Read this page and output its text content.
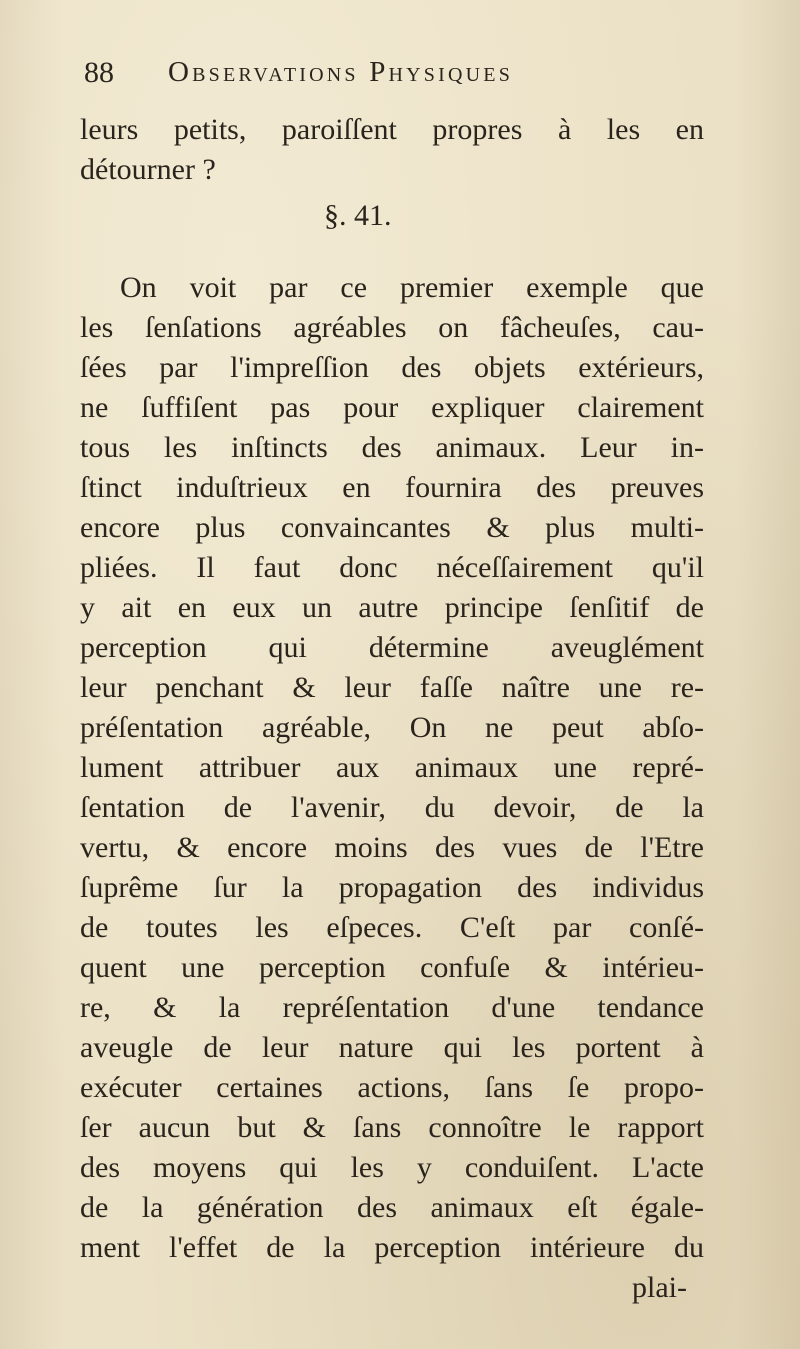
88 Observations Physiques
leurs petits, paroiſſent propres à les en
détourner ?
§. 41.
On voit par ce premier exemple que
les ſenſations agréables on fâcheuſes, cau-
ſées par l'impreſſion des objets extérieurs,
ne ſuffiſent pas pour expliquer clairement
tous les inſtincts des animaux. Leur in-
ſtinct induſtrieux en fournira des preuves
encore plus convaincantes & plus multi-
pliées. Il faut donc néceſſairement qu'il
y ait en eux un autre principe ſenſitif de
perception qui détermine aveuglément
leur penchant & leur faſſe naître une re-
préſentation agréable, On ne peut abſo-
lument attribuer aux animaux une repré-
ſentation de l'avenir, du devoir, de la
vertu, & encore moins des vues de l'Etre
ſuprême ſur la propagation des individus
de toutes les eſpeces. C'eſt par conſé-
quent une perception confuſe & intérieu-
re, & la repréſentation d'une tendance
aveugle de leur nature qui les portent à
exécuter certaines actions, ſans ſe propo-
ſer aucun but & ſans connoître le rapport
des moyens qui les y conduiſent. L'acte
de la génération des animaux eſt égale-
ment l'effet de la perception intérieure du
plai-
